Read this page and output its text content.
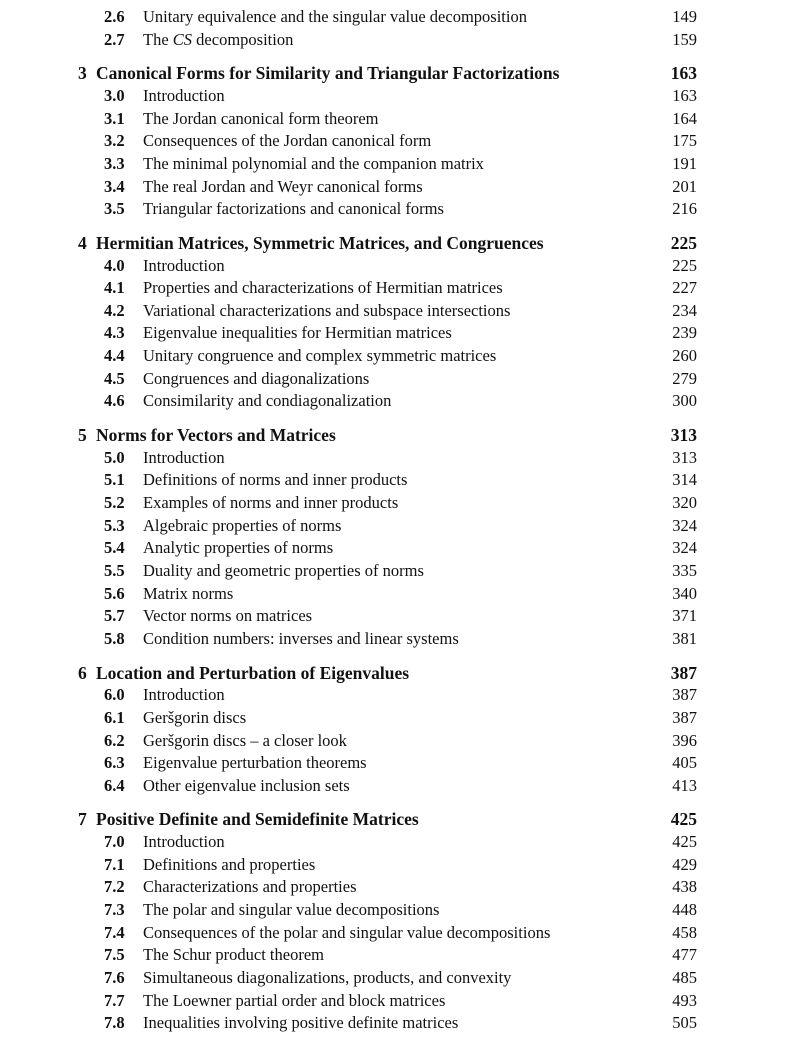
2.6 Unitary equivalence and the singular value decomposition	149
2.7 The CS decomposition	159
3 Canonical Forms for Similarity and Triangular Factorizations	163
3.0 Introduction	163
3.1 The Jordan canonical form theorem	164
3.2 Consequences of the Jordan canonical form	175
3.3 The minimal polynomial and the companion matrix	191
3.4 The real Jordan and Weyr canonical forms	201
3.5 Triangular factorizations and canonical forms	216
4 Hermitian Matrices, Symmetric Matrices, and Congruences	225
4.0 Introduction	225
4.1 Properties and characterizations of Hermitian matrices	227
4.2 Variational characterizations and subspace intersections	234
4.3 Eigenvalue inequalities for Hermitian matrices	239
4.4 Unitary congruence and complex symmetric matrices	260
4.5 Congruences and diagonalizations	279
4.6 Consimilarity and condiagonalization	300
5 Norms for Vectors and Matrices	313
5.0 Introduction	313
5.1 Definitions of norms and inner products	314
5.2 Examples of norms and inner products	320
5.3 Algebraic properties of norms	324
5.4 Analytic properties of norms	324
5.5 Duality and geometric properties of norms	335
5.6 Matrix norms	340
5.7 Vector norms on matrices	371
5.8 Condition numbers: inverses and linear systems	381
6 Location and Perturbation of Eigenvalues	387
6.0 Introduction	387
6.1 Geršgorin discs	387
6.2 Geršgorin discs – a closer look	396
6.3 Eigenvalue perturbation theorems	405
6.4 Other eigenvalue inclusion sets	413
7 Positive Definite and Semidefinite Matrices	425
7.0 Introduction	425
7.1 Definitions and properties	429
7.2 Characterizations and properties	438
7.3 The polar and singular value decompositions	448
7.4 Consequences of the polar and singular value decompositions	458
7.5 The Schur product theorem	477
7.6 Simultaneous diagonalizations, products, and convexity	485
7.7 The Loewner partial order and block matrices	493
7.8 Inequalities involving positive definite matrices	505
